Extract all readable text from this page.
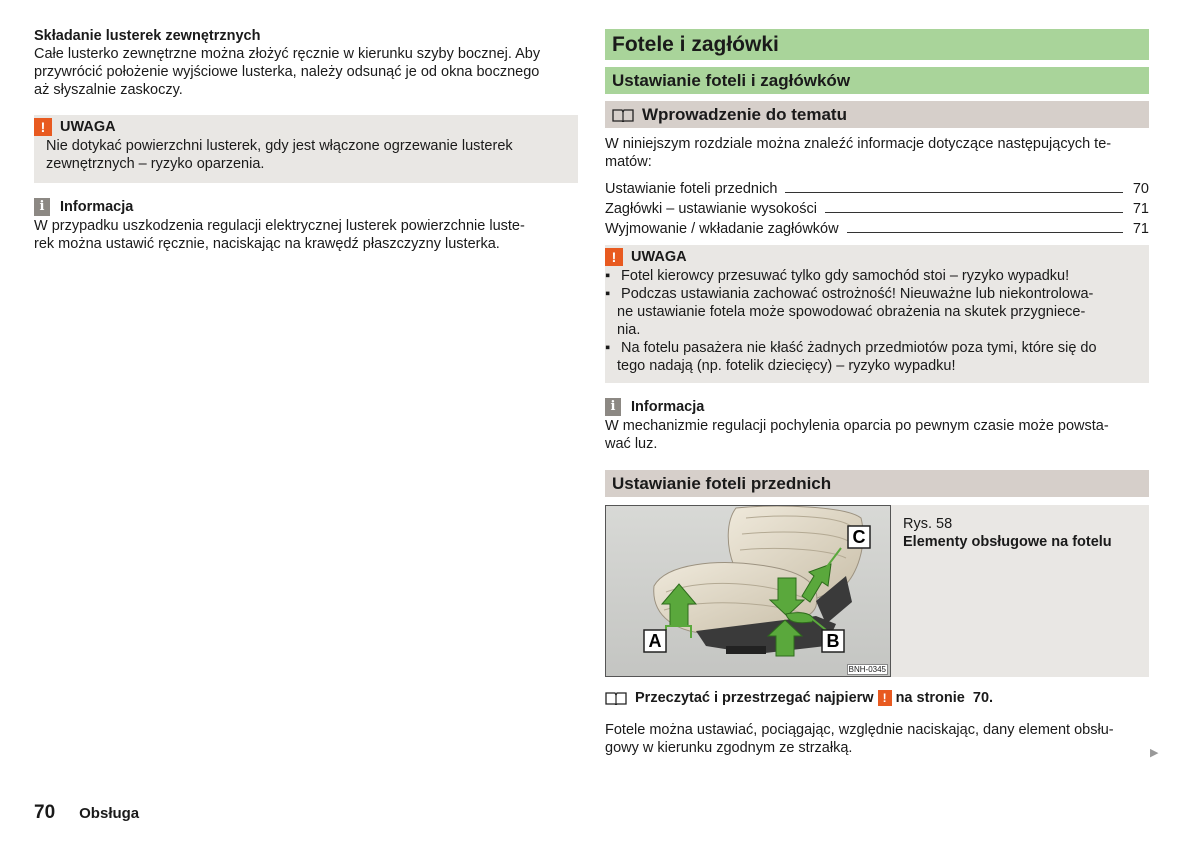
Składanie lusterek zewnętrznych

Całe lusterko zewnętrzne można złożyć ręcznie w kierunku szyby bocznej. Aby
przywrócić położenie wyjściowe lusterka, należy odsunąć je od okna bocznego
aż słyszalnie zaskoczy.

!	UWAGA
Nie dotykać powierzchni lusterek, gdy jest włączone ogrzewanie lusterek
zewnętrznych – ryzyko oparzenia.
i	Informacja

W przypadku uszkodzenia regulacji elektrycznej lusterek powierzchnie luste-
rek można ustawić ręcznie, naciskając na krawędź płaszczyzny lusterka.

Fotele i zagłówki
Ustawianie foteli i zagłówków
Wprowadzenie do tematu

W niniejszym rozdziale można znaleźć informacje dotyczące następujących te-
matów:

Ustawianie foteli przednich	70
Zagłówki – ustawianie wysokości	71
Wyjmowanie / wkładanie zagłówków	71
!	UWAGA
▪ Fotel kierowcy przesuwać tylko gdy samochód stoi – ryzyko wypadku!
▪ Podczas ustawiania zachować ostrożność! Nieuważne lub niekontrolowa-
ne ustawianie fotela może spowodować obrażenia na skutek przygniece-
nia.
▪ Na fotelu pasażera nie kłaść żadnych przedmiotów poza tymi, które się do
tego nadają (np. fotelik dziecięcy) – ryzyko wypadku!
i	Informacja

W mechanizmie regulacji pochylenia oparcia po pewnym czasie może powsta-
wać luz.

Ustawianie foteli przednich
A	B
C
BNH-0345
Rys. 58
Elementy obsługowe na fotelu
Przeczytać i przestrzegać najpierw ! na stronie
70.

Fotele można ustawiać, pociągając, względnie naciskając, dany element obsłu-
gowy w kierunku zgodnym ze strzałką.	▶
70 Obsługa
